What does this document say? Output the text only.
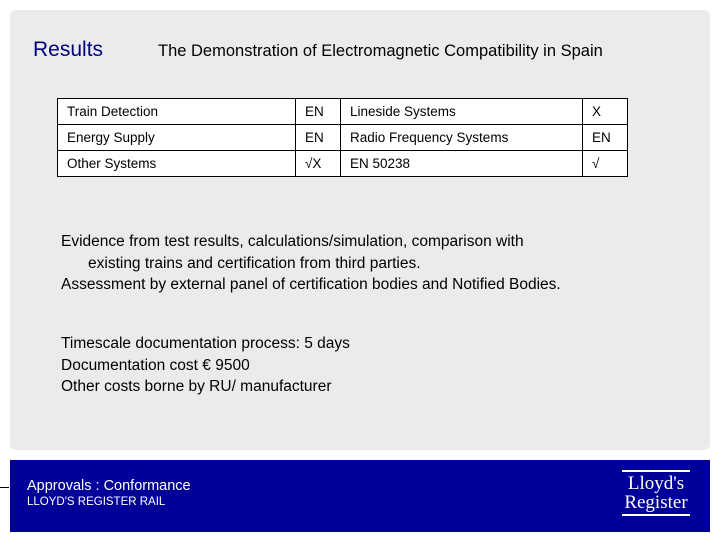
Results	The Demonstration of Electromagnetic Compatibility in Spain
Train Detection	EN	Lineside Systems	X
Energy Supply	EN	Radio Frequency Systems	EN
Other Systems	√X	EN 50238	√
Evidence from test results, calculations/simulation, comparison with
existing trains and certification from third parties.
Assessment by external panel of certification bodies and Notified Bodies.
Timescale documentation process: 5 days
Documentation cost € 9500
Other costs borne by RU/ manufacturer
Approvals : Conformance
LLOYD'S REGISTER RAIL
Lloyd's
Register
